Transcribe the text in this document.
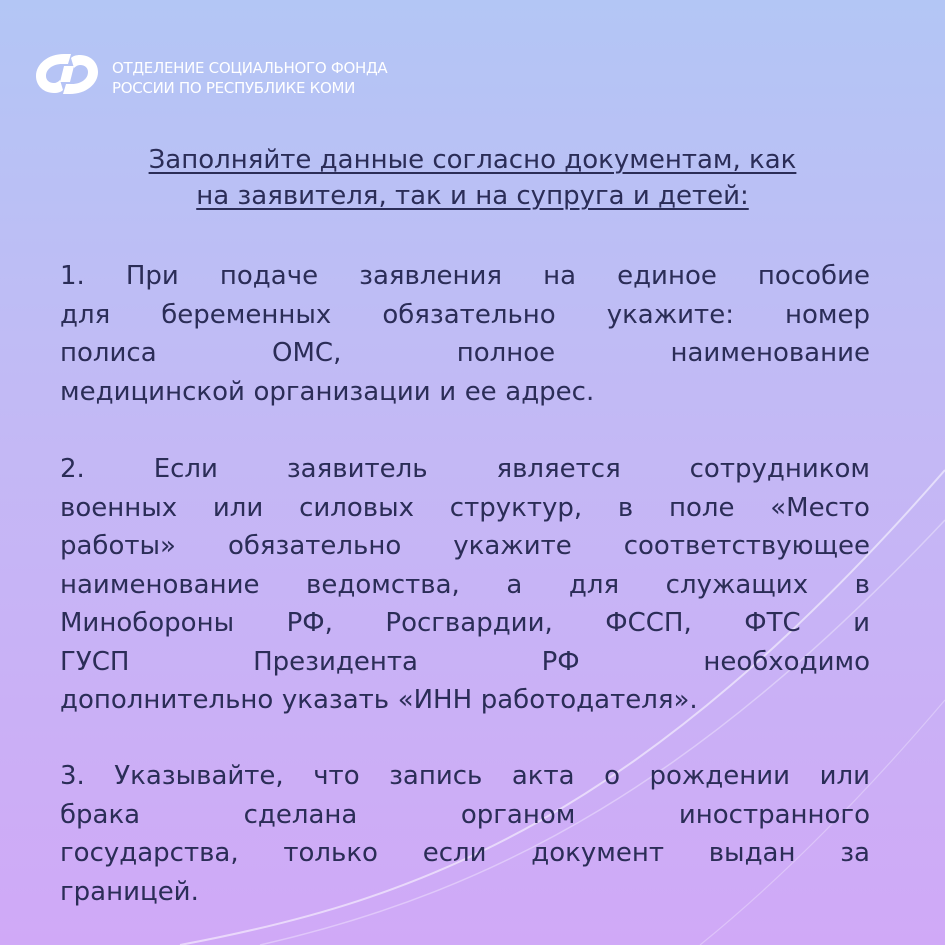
ОТДЕЛЕНИЕ СОЦИАЛЬНОГО ФОНДА
РОССИИ ПО РЕСПУБЛИКЕ КОМИ
Заполняйте данные согласно документам, как
на заявителя, так и на супруга и детей:
1. При подаче заявления на единое пособие
для беременных обязательно укажите: номер
полиса	ОМС,	полное	наименование
медицинской организации и ее адрес.
2.	Если	заявитель	является	сотрудником
военных или силовых структур, в поле «Место
работы» обязательно укажите соответствующее
наименование ведомства, а для служащих в
Минобороны РФ, Росгвардии, ФССП, ФТС и
ГУСП	Президента	РФ	необходимо
дополнительно указать «ИНН работодателя».
3. Указывайте, что запись акта о рождении или
брака	сделана	органом	иностранного
государства, только если документ выдан за
границей.
